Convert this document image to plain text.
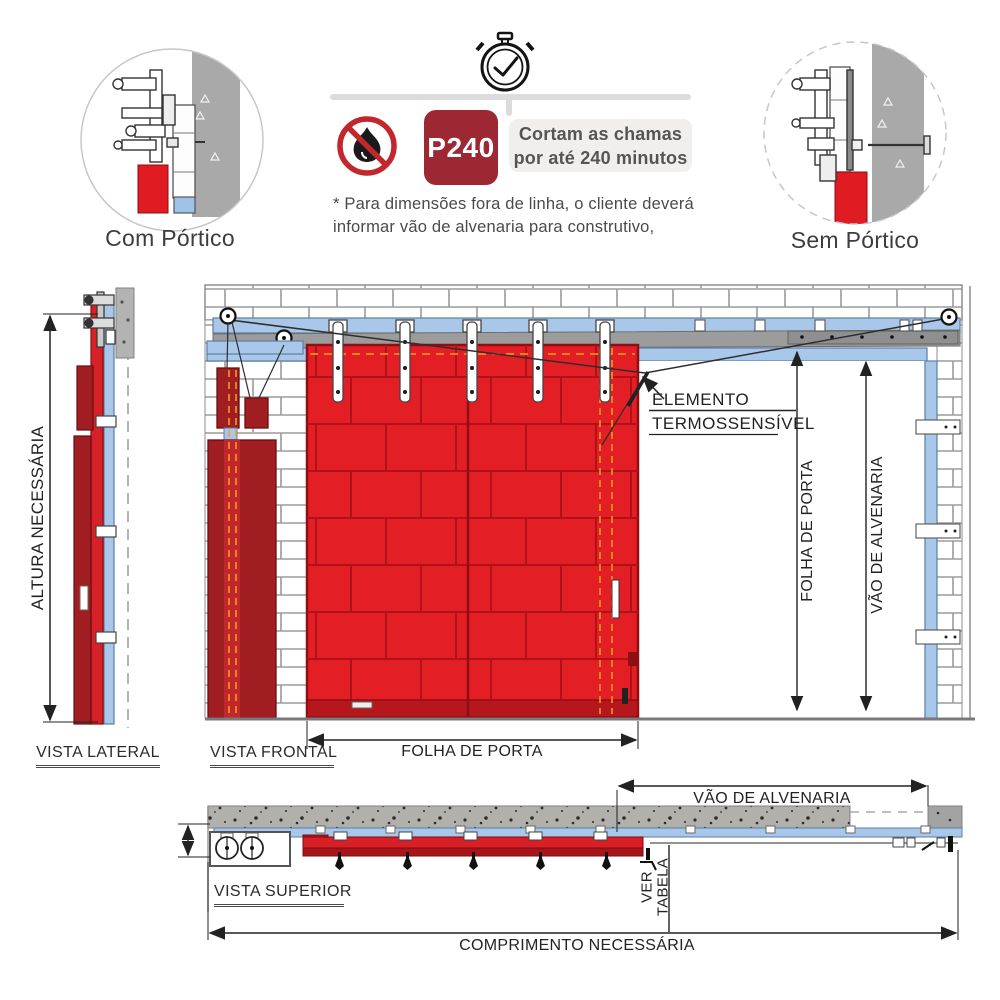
Com Pórtico	Sem Pórtico
P240 Cortam as chamas
por até 240 minutos
* Para dimensões fora de linha, o cliente deverá
informar vão de alvenaria para construtivo,
VISTA LATERAL	VISTA FRONTAL
VISTA SUPERIOR
ALTURA NECESSÁRIA	FOLHA DE PORTA	VÃO DE ALVENARIA
VER TABELA
FOLHA DE PORTA
VÃO DE ALVENARIA
COMPRIMENTO NECESSÁRIA
ELEMENTO
TERMOSSENSÍVEL
